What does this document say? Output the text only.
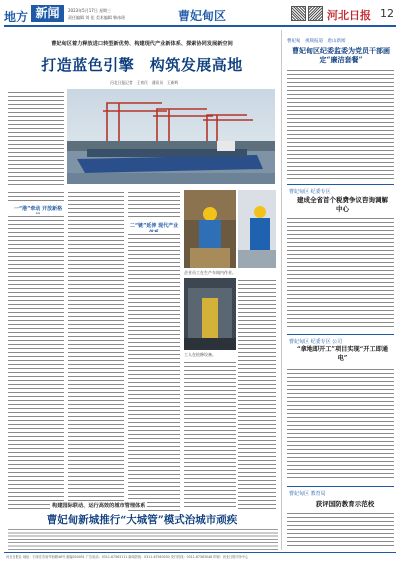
地方 新闻	2023年5月17日 星期三
责任编辑 刘 佳 美术编辑 韩冰瑶	曹妃甸区	河北日报 12
曹妃甸区着力释放进口转型新优势、构建现代产业新体系、探索协同发展新空间
打造蓝色引擎　构筑发展高地
河北日报记者　王育民　通讯员　王新辉
一“港”牵动 开放新格
二“链”延伸 现代产业
企业员工在生产车间内作业。
工人在检修设备。
曹妃甸　视频报道　唐山新闻
曹妃甸区纪委监委为党员干部画定“廉洁套餐”
曹妃甸区 纪委专区
建成全省首个税费争议咨询调解中心
曹妃甸区 纪委专区 公司
“拿地即开工”项目实现“开工即通电”
曹妃甸区 教育局
获评国防教育示范校
构建园际联动、运行高效的城市管理体系
曹妃甸新城推行“大城管”模式治城市顽疾
河北日报社 地址：石家庄市裕华西路46号 邮编050051 广告电话：0311-67563111 新闻热线：0311-67563030 发行热线：0311-67563048 印刷：河北日报印务中心
